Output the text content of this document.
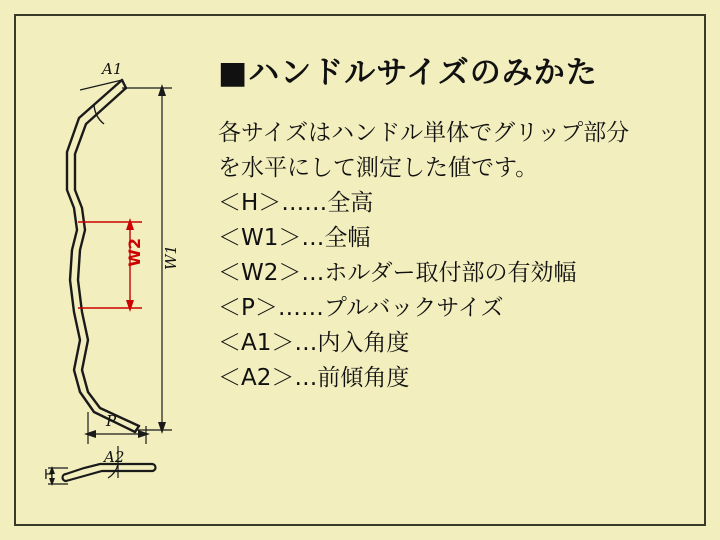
A1
W1
W2
P
A2
H
■ハンドルサイズのみかた
各サイズはハンドル単体でグリップ部分
を水平にして測定した値です。
＜H＞……全高
＜W1＞…全幅
＜W2＞…ホルダー取付部の有効幅
＜P＞……プルバックサイズ
＜A1＞…内入角度
＜A2＞…前傾角度
